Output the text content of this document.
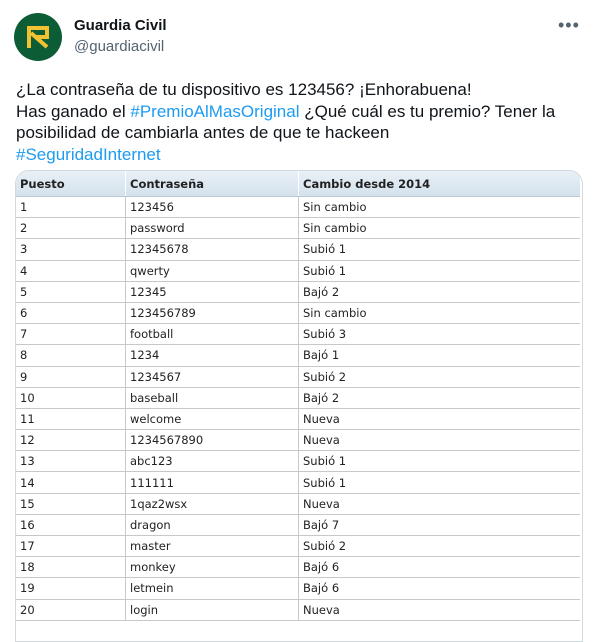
Guardia Civil
@guardiacivil
•••
¿La contraseña de tu dispositivo es 123456? ¡Enhorabuena!
Has ganado el #PremioAlMasOriginal ¿Qué cuál es tu premio? Tener la
posibilidad de cambiarla antes de que te hackeen
#SeguridadInternet
Puesto	Contraseña	Cambio desde 2014
1	123456	Sin cambio
2	password	Sin cambio
3	12345678	Subió 1
4	qwerty	Subió 1
5	12345	Bajó 2
6	123456789	Sin cambio
7	football	Subió 3
8	1234	Bajó 1
9	1234567	Subió 2
10	baseball	Bajó 2
11	welcome	Nueva
12	1234567890	Nueva
13	abc123	Subió 1
14	111111	Subió 1
15	1qaz2wsx	Nueva
16	dragon	Bajó 7
17	master	Subió 2
18	monkey	Bajó 6
19	letmein	Bajó 6
20	login	Nueva
